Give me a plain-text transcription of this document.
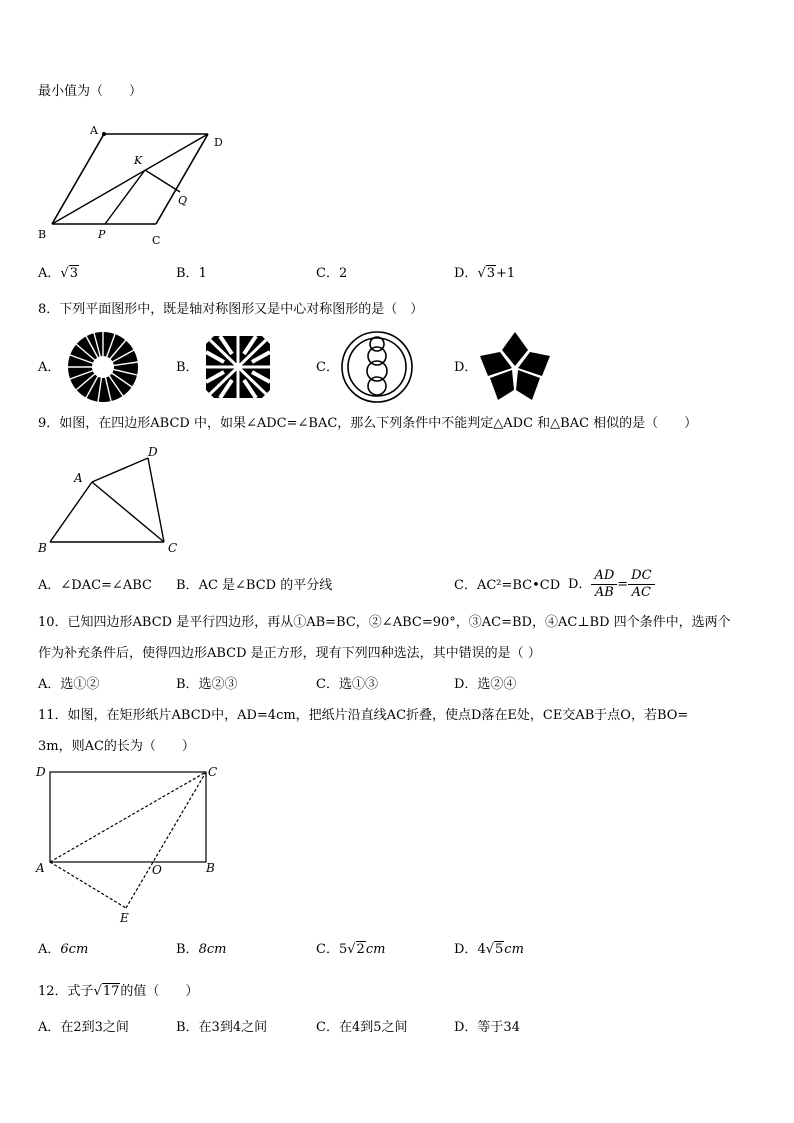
最小值为（　　）
A
D
K
Q
B	P	C
A．√3	B．1	C．2	D．√3+1
8．下列平面图形中，既是轴对称图形又是中心对称图形的是（　）
A．	B．	C．	D．
9．如图，在四边形ABCD 中，如果∠ADC=∠BAC，那么下列条件中不能判定△ADC 和△BAC 相似的是（　　）
A
D
B	C
A．∠DAC=∠ABC B．AC 是∠BCD 的平分线	C．AC²=BC•CD D． $\frac{AD}{AB} = \frac{DC}{AC}$
10．已知四边形ABCD 是平行四边形，再从①AB=BC，②∠ABC=90°，③AC=BD，④AC⊥BD 四个条件中，选两个
作为补充条件后，使得四边形ABCD 是正方形，现有下列四种选法，其中错误的是（ ）
A．选①②	B．选②③	C．选①③	D．选②④
11．如图，在矩形纸片ABCD中，AD=4cm，把纸片沿直线AC折叠，使点D落在E处，CE交AB于点O，若BO=
3m，则AC的长为（　　）
D	C
A	O	B
E
A．6cm	B．8cm	C．5√2cm	D．4√5cm
12．式子√17的值（　　）
A．在2到3之间	B．在3到4之间	C．在4到5之间	D．等于34
